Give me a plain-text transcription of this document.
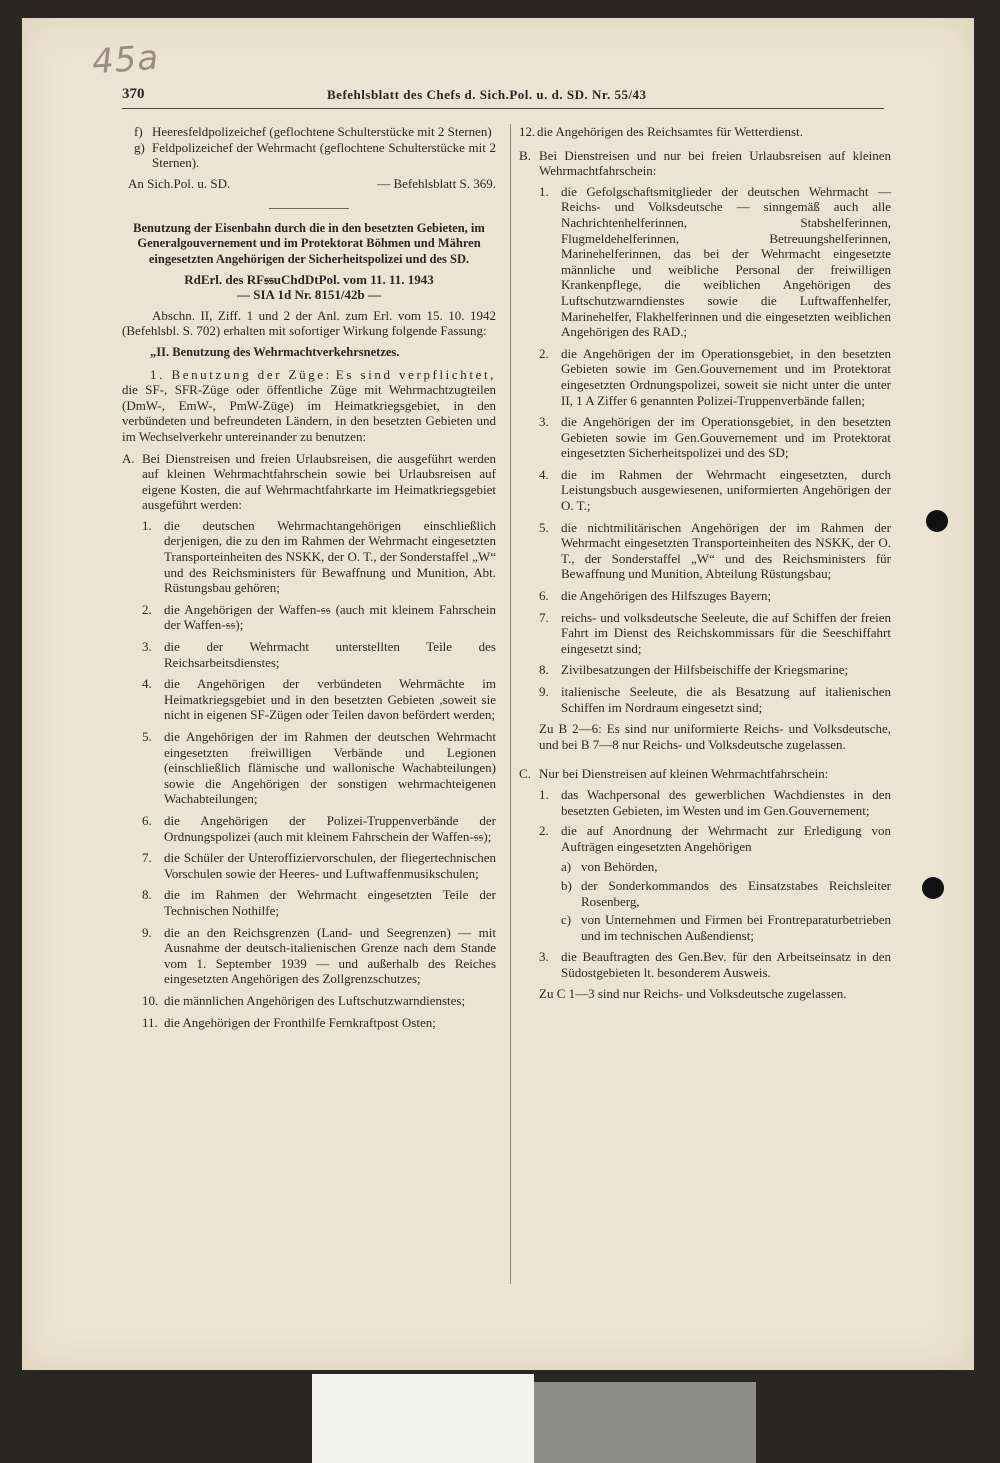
45a
370	Befehlsblatt des Chefs d. Sich.Pol. u. d. SD. Nr. 55/43
f) Heeresfeldpolizeichef (geflochtene Schulterstücke mit 2 Sternen)
g) Feldpolizeichef der Wehrmacht (geflochtene Schulterstücke mit 2 Sternen).
An Sich.Pol. u. SD.	— Befehlsblatt S. 369.

Benutzung der Eisenbahn durch die in den besetzten Gebieten, im Generalgouvernement und im Protektorat Böhmen und Mähren eingesetzten Angehörigen der Sicherheitspolizei und des SD.

RdErl. des RF𝔰𝔰uChdDtPol. vom 11. 11. 1943

— SIA 1d Nr. 8151/42b —

Abschn. II, Ziff. 1 und 2 der Anl. zum Erl. vom 15. 10. 1942 (Befehlsbl. S. 702) erhalten mit sofortiger Wirkung folgende Fassung:

„II. Benutzung des Wehrmachtverkehrsnetzes.

1. Benutzung der Züge: Es sind verpflichtet, die SF-, SFR-Züge oder öffentliche Züge mit Wehrmachtzugteilen (DmW-, EmW-, PmW-Züge) im Heimatkriegsgebiet, in den verbündeten und befreundeten Ländern, in den besetzten Gebieten und im Wechselverkehr untereinander zu benutzen:

A. Bei Dienstreisen und freien Urlaubsreisen, die ausgeführt werden auf kleinen Wehrmachtfahrschein sowie bei Urlaubsreisen auf eigene Kosten, die auf Wehrmachtfahrkarte im Heimatkriegsgebiet ausgeführt werden:
1. die deutschen Wehrmachtangehörigen einschließlich derjenigen, die zu den im Rahmen der Wehrmacht eingesetzten Transporteinheiten des NSKK, der O. T., der Sonderstaffel „W“ und des Reichsministers für Bewaffnung und Munition, Abt. Rüstungsbau gehören;
2. die Angehörigen der Waffen-𝔰𝔰 (auch mit kleinem Fahrschein der Waffen-𝔰𝔰);
3. die der Wehrmacht unterstellten Teile des Reichsarbeitsdienstes;
4. die Angehörigen der verbündeten Wehrmächte im Heimatkriegsgebiet und in den besetzten Gebieten ,soweit sie nicht in eigenen SF-Zügen oder Teilen davon befördert werden;
5. die Angehörigen der im Rahmen der deutschen Wehrmacht eingesetzten freiwilligen Verbände und Legionen (einschließlich flämische und wallonische Wachabteilungen) sowie die Angehörigen der sonstigen wehrmachteigenen Wachabteilungen;
6. die Angehörigen der Polizei-Truppenverbände der Ordnungspolizei (auch mit kleinem Fahrschein der Waffen-𝔰𝔰);
7. die Schüler der Unteroffiziervorschulen, der fliegertechnischen Vorschulen sowie der Heeres- und Luftwaffenmusikschulen;
8. die im Rahmen der Wehrmacht eingesetzten Teile der Technischen Nothilfe;
9. die an den Reichsgrenzen (Land- und Seegrenzen) — mit Ausnahme der deutsch-italienischen Grenze nach dem Stande vom 1. September 1939 — und außerhalb des Reiches eingesetzten Angehörigen des Zollgrenzschutzes;
10. die männlichen Angehörigen des Luftschutzwarndienstes;
11. die Angehörigen der Fronthilfe Fernkraftpost Osten;
12. die Angehörigen des Reichsamtes für Wetterdienst.
B. Bei Dienstreisen und nur bei freien Urlaubsreisen auf kleinen Wehrmachtfahrschein:
1. die Gefolgschaftsmitglieder der deutschen Wehrmacht — Reichs- und Volksdeutsche — sinngemäß auch alle Nachrichtenhelferinnen, Stabshelferinnen, Flugmeldehelferinnen, Betreuungshelferinnen, Marinehelferinnen, das bei der Wehrmacht eingesetzte männliche und weibliche Personal der freiwilligen Krankenpflege, die weiblichen Angehörigen des Luftschutzwarndienstes sowie die Luftwaffenhelfer, Marinehelfer, Flakhelferinnen und die eingesetzten weiblichen Angehörigen des RAD.;
2. die Angehörigen der im Operationsgebiet, in den besetzten Gebieten sowie im Gen.Gouvernement und im Protektorat eingesetzten Ordnungspolizei, soweit sie nicht unter die unter II, 1 A Ziffer 6 genannten Polizei-Truppenverbände fallen;
3. die Angehörigen der im Operationsgebiet, in den besetzten Gebieten sowie im Gen.Gouvernement und im Protektorat eingesetzten Sicherheitspolizei und des SD;
4. die im Rahmen der Wehrmacht eingesetzten, durch Leistungsbuch ausgewiesenen, uniformierten Angehörigen der O. T.;
5. die nichtmilitärischen Angehörigen der im Rahmen der Wehrmacht eingesetzten Transporteinheiten des NSKK, der O. T., der Sonderstaffel „W“ und des Reichsministers für Bewaffnung und Munition, Abteilung Rüstungsbau;
6. die Angehörigen des Hilfszuges Bayern;
7. reichs- und volksdeutsche Seeleute, die auf Schiffen der freien Fahrt im Dienst des Reichskommissars für die Seeschiffahrt eingesetzt sind;
8. Zivilbesatzungen der Hilfsbeischiffe der Kriegsmarine;
9. italienische Seeleute, die als Besatzung auf italienischen Schiffen im Nordraum eingesetzt sind;

Zu B 2—6: Es sind nur uniformierte Reichs- und Volksdeutsche, und bei B 7—8 nur Reichs- und Volksdeutsche zugelassen.

C. Nur bei Dienstreisen auf kleinen Wehrmachtfahrschein:
1. das Wachpersonal des gewerblichen Wachdienstes in den besetzten Gebieten, im Westen und im Gen.Gouvernement;
2. die auf Anordnung der Wehrmacht zur Erledigung von Aufträgen eingesetzten Angehörigen
a) von Behörden,
b) der Sonderkommandos des Einsatzstabes Reichsleiter Rosenberg,
c) von Unternehmen und Firmen bei Frontreparaturbetrieben und im technischen Außendienst;
3. die Beauftragten des Gen.Bev. für den Arbeitseinsatz in den Südostgebieten lt. besonderem Ausweis.

Zu C 1—3 sind nur Reichs- und Volksdeutsche zugelassen.
